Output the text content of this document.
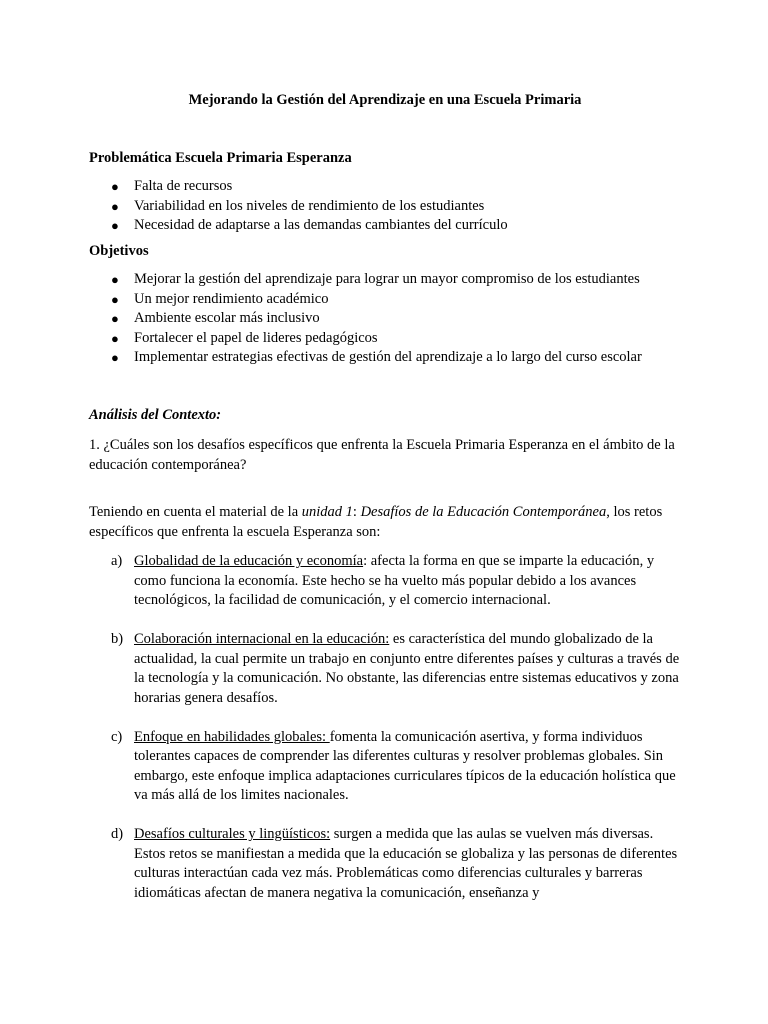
Mejorando la Gestión del Aprendizaje en una Escuela Primaria

Problemática Escuela Primaria Esperanza

● Falta de recursos
● Variabilidad en los niveles de rendimiento de los estudiantes
● Necesidad de adaptarse a las demandas cambiantes del currículo

Objetivos

● Mejorar la gestión del aprendizaje para lograr un mayor compromiso de los estudiantes
● Un mejor rendimiento académico
● Ambiente escolar más inclusivo
● Fortalecer el papel de lideres pedagógicos
● Implementar estrategias efectivas de gestión del aprendizaje a lo largo del curso escolar

Análisis del Contexto:

1. ¿Cuáles son los desafíos específicos que enfrenta la Escuela Primaria Esperanza en el ámbito de la educación contemporánea?

Teniendo en cuenta el material de la unidad 1: Desafíos de la Educación Contemporánea, los retos específicos que enfrenta la escuela Esperanza son:

a) Globalidad de la educación y economía: afecta la forma en que se imparte la educación, y como funciona la economía. Este hecho se ha vuelto más popular debido a los avances tecnológicos, la facilidad de comunicación, y el comercio internacional.
b) Colaboración internacional en la educación: es característica del mundo globalizado de la actualidad, la cual permite un trabajo en conjunto entre diferentes países y culturas a través de la tecnología y la comunicación. No obstante, las diferencias entre sistemas educativos y zona horarias genera desafíos.
c) Enfoque en habilidades globales: fomenta la comunicación asertiva, y forma individuos tolerantes capaces de comprender las diferentes culturas y resolver problemas globales. Sin embargo, este enfoque implica adaptaciones curriculares típicos de la educación holística que va más allá de los limites nacionales.
d) Desafíos culturales y lingüísticos: surgen a medida que las aulas se vuelven más diversas. Estos retos se manifiestan a medida que la educación se globaliza y las personas de diferentes culturas interactúan cada vez más. Problemáticas como diferencias culturales y barreras idiomáticas afectan de manera negativa la comunicación, enseñanza y
